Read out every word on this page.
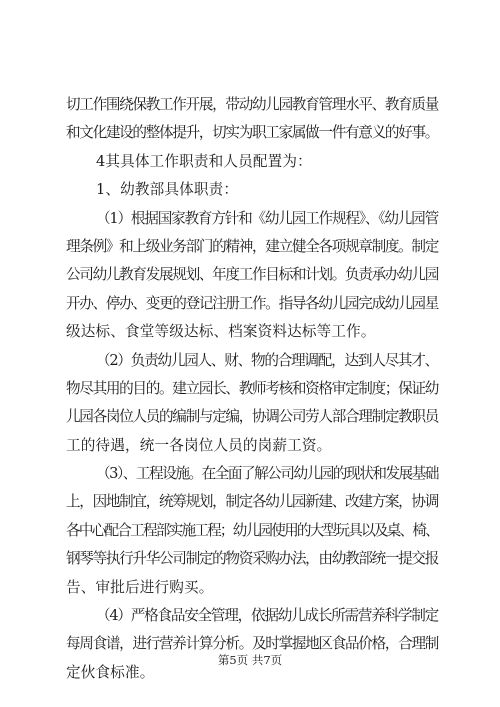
切工作围绕保教工作开展，带动幼儿园教育管理水平、教育质量
和文化建设的整体提升，切实为职工家属做一件有意义的好事。
4其具体工作职责和人员配置为：
1、幼教部具体职责：
（1）根据国家教育方针和《幼儿园工作规程》、《幼儿园管
理条例》和上级业务部门的精神，建立健全各项规章制度。制定
公司幼儿教育发展规划、年度工作目标和计划。负责承办幼儿园
开办、停办、变更的登记注册工作。指导各幼儿园完成幼儿园星
级达标、食堂等级达标、档案资料达标等工作。
（2）负责幼儿园人、财、物的合理调配，达到人尽其才、
物尽其用的目的。建立园长、教师考核和资格审定制度；保证幼
儿园各岗位人员的编制与定编，协调公司劳人部合理制定教职员
工的待遇，统一各岗位人员的岗薪工资。
（3）、工程设施。在全面了解公司幼儿园的现状和发展基础
上，因地制宜，统筹规划，制定各幼儿园新建、改建方案，协调
各中心配合工程部实施工程；幼儿园使用的大型玩具以及桌、椅、
钢琴等执行升华公司制定的物资采购办法，由幼教部统一提交报
告、审批后进行购买。
（4）严格食品安全管理，依据幼儿成长所需营养科学制定
每周食谱，进行营养计算分析。及时掌握地区食品价格，合理制
定伙食标准。
第5页 共7页
